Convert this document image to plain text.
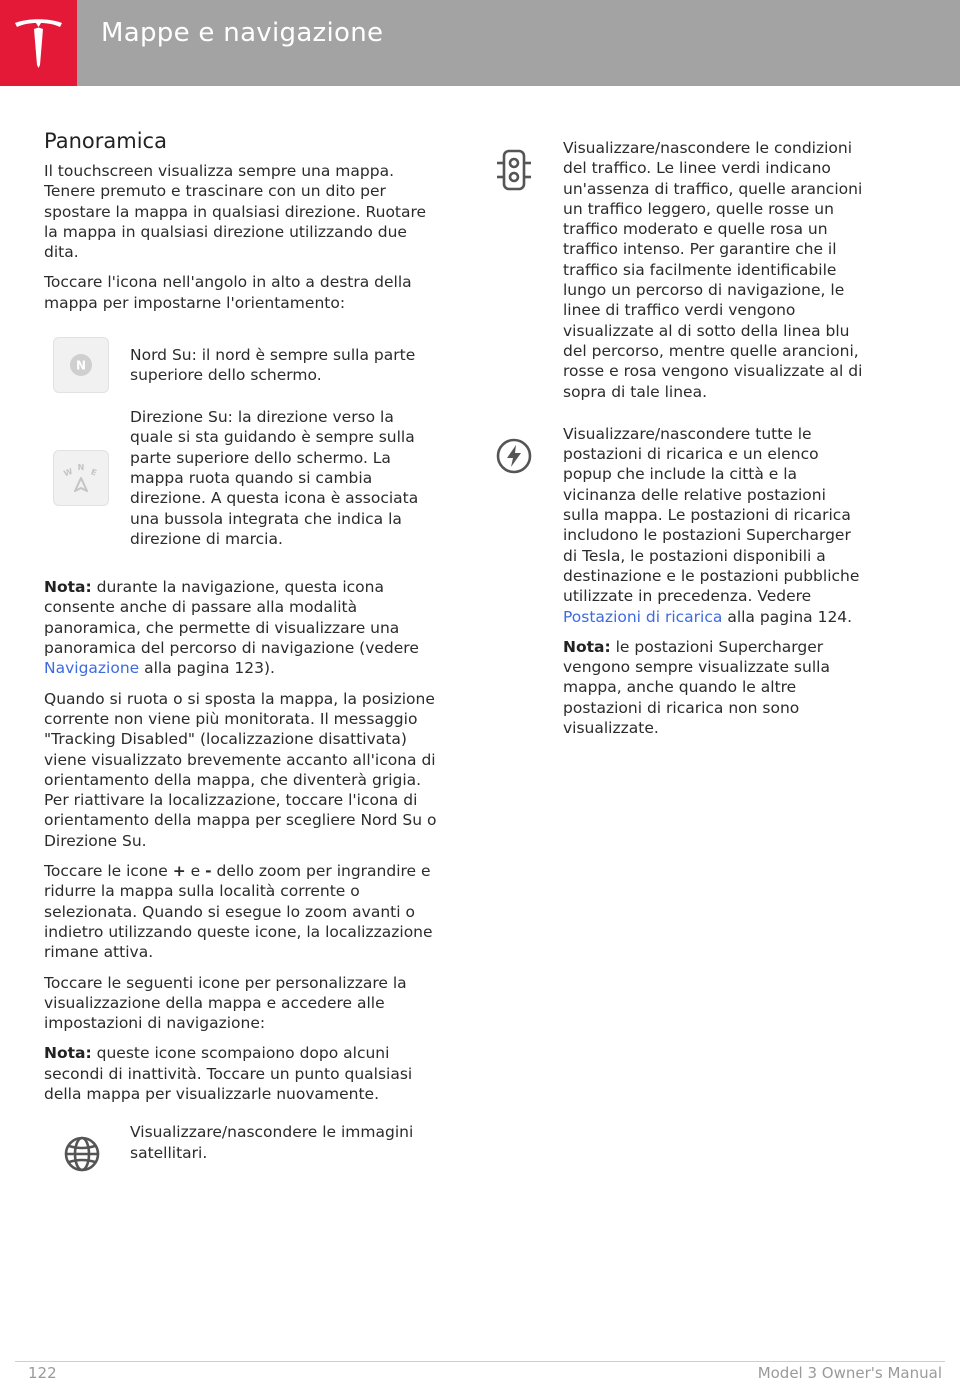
Mappe e navigazione
Panoramica

Il touchscreen visualizza sempre una mappa. Tenere premuto e trascinare con un dito per spostare la mappa in qualsiasi direzione. Ruotare la mappa in qualsiasi direzione utilizzando due dita.

Toccare l'icona nell'angolo in alto a destra della mappa per impostarne l'orientamento:

N
Nord Su: il nord è sempre sulla parte superiore dello schermo.
W N E
Direzione Su: la direzione verso la quale si sta guidando è sempre sulla parte superiore dello schermo. La mappa ruota quando si cambia direzione. A questa icona è associata una bussola integrata che indica la direzione di marcia.

Nota: durante la navigazione, questa icona consente anche di passare alla modalità panoramica, che permette di visualizzare una panoramica del percorso di navigazione (vedere Navigazione alla pagina 123).

Quando si ruota o si sposta la mappa, la posizione corrente non viene più monitorata. Il messaggio "Tracking Disabled" (localizzazione disattivata) viene visualizzato brevemente accanto all'icona di orientamento della mappa, che diventerà grigia. Per riattivare la localizzazione, toccare l'icona di orientamento della mappa per scegliere Nord Su o Direzione Su.

Toccare le icone + e - dello zoom per ingrandire e ridurre la mappa sulla località corrente o selezionata. Quando si esegue lo zoom avanti o indietro utilizzando queste icone, la localizzazione rimane attiva.

Toccare le seguenti icone per personalizzare la visualizzazione della mappa e accedere alle impostazioni di navigazione:

Nota: queste icone scompaiono dopo alcuni secondi di inattività. Toccare un punto qualsiasi della mappa per visualizzarle nuovamente.

Visualizzare/nascondere le immagini satellitari.

Visualizzare/nascondere le condizioni del traffico. Le linee verdi indicano un'assenza di traffico, quelle arancioni un traffico leggero, quelle rosse un traffico moderato e quelle rosa un traffico intenso. Per garantire che il traffico sia facilmente identificabile lungo un percorso di navigazione, le linee di traffico verdi vengono visualizzate al di sotto della linea blu del percorso, mentre quelle arancioni, rosse e rosa vengono visualizzate al di sopra di tale linea.

Visualizzare/nascondere tutte le postazioni di ricarica e un elenco popup che include la città e la vicinanza delle relative postazioni sulla mappa. Le postazioni di ricarica includono le postazioni Supercharger di Tesla, le postazioni disponibili a destinazione e le postazioni pubbliche utilizzate in precedenza. Vedere Postazioni di ricarica alla pagina 124.

Nota: le postazioni Supercharger vengono sempre visualizzate sulla mappa, anche quando le altre postazioni di ricarica non sono visualizzate.

122	Model 3 Owner's Manual
